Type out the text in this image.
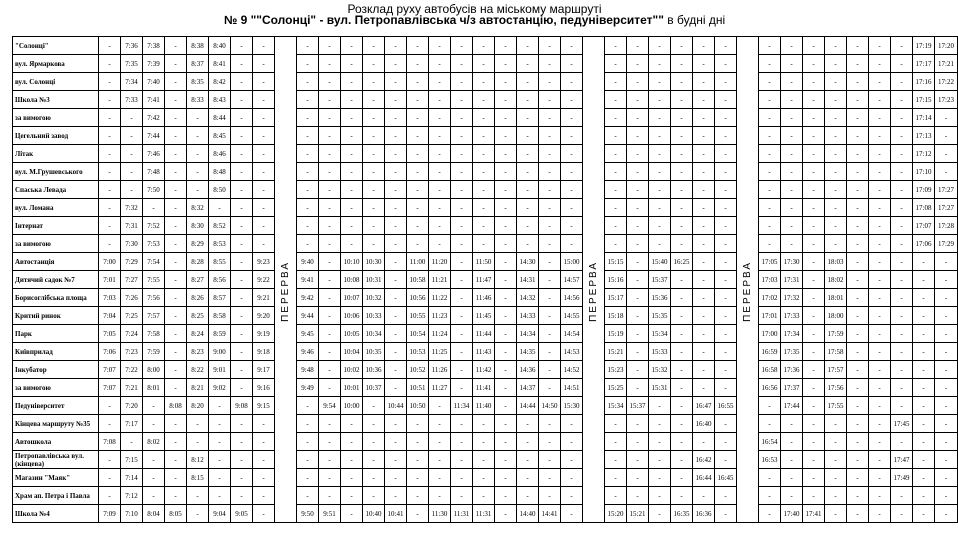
Розклад руху автобусів на міському маршруті
№ 9 ""Солонці" - вул. Петропавлівська ч/з автостанцію, педуніверситет"" в будні дні
"Солонці"	-	7:36	7:38	-	8:38	8:40	-	-	ПЕРЕРВА	-	-	-	-	-	-	-	-	-	-	-	-	-	ПЕРЕРВА	-	-	-	-	-	-	ПЕРЕРВА	-	-	-	-	-	-	-	17:19	17:20
вул. Ярмаркова	-	7:35	7:39	-	8:37	8:41	-	-		-	-	-	-	-	-	-	-	-	-	-	-	-		-	-	-	-	-	-		-	-	-	-	-	-	-	17:17	17:21
вул. Солонці	-	7:34	7:40	-	8:35	8:42	-	-		-	-	-	-	-	-	-	-	-	-	-	-	-		-	-	-	-	-	-		-	-	-	-	-	-	-	17:16	17:22
Школа №3	-	7:33	7:41	-	8:33	8:43	-	-		-	-	-	-	-	-	-	-	-	-	-	-	-		-	-	-	-	-	-		-	-	-	-	-	-	-	17:15	17:23
за вимогою	-	-	7:42	-	-	8:44	-	-		-	-	-	-	-	-	-	-	-	-	-	-	-		-	-	-	-	-	-		-	-	-	-	-	-	-	17:14	-
Цегельний завод	-	-	7:44	-	-	8:45	-	-		-	-	-	-	-	-	-	-	-	-	-	-	-		-	-	-	-	-	-		-	-	-	-	-	-	-	17:13	-
Літак	-	-	7:46	-	-	8:46	-	-		-	-	-	-	-	-	-	-	-	-	-	-	-		-	-	-	-	-	-		-	-	-	-	-	-	-	17:12	-
вул. М.Грушевського	-	-	7:48	-	-	8:48	-	-		-	-	-	-	-	-	-	-	-	-	-	-	-		-	-	-	-	-	-		-	-	-	-	-	-	-	17:10	-
Спаська Левада	-	-	7:50	-	-	8:50	-	-		-	-	-	-	-	-	-	-	-	-	-	-	-		-	-	-	-	-	-		-	-	-	-	-	-	-	17:09	17:27
вул. Ломана	-	7:32	-	-	8:32	-	-	-		-	-	-	-	-	-	-	-	-	-	-	-	-		-	-	-	-	-	-		-	-	-	-	-	-	-	17:08	17:27
Інтернат	-	7:31	7:52	-	8:30	8:52	-	-		-	-	-	-	-	-	-	-	-	-	-	-	-		-	-	-	-	-	-		-	-	-	-	-	-	-	17:07	17:28
за вимогою	-	7:30	7:53	-	8:29	8:53	-	-		-	-	-	-	-	-	-	-	-	-	-	-	-		-	-	-	-	-	-		-	-	-	-	-	-	-	17:06	17:29
Автостанція	7:00	7:29	7:54	-	8:28	8:55	-	9:23		9:40	-	10:10	10:30	-	11:00	11:20	-	11:50	-	14:30	-	15:00		15:15	-	15:40	16:25	-	-		17:05	17:30	-	18:03	-	-	-	-	-
Дитячий садок №7	7:01	7:27	7:55	-	8:27	8:56	-	9:22		9:41	-	10:08	10:31	-	10:58	11:21	-	11:47	-	14:31	-	14:57		15:16	-	15:37	-	-	-		17:03	17:31	-	18:02	-	-	-	-	-
Борисоглібська площа	7:03	7:26	7:56	-	8:26	8:57	-	9:21		9:42	-	10:07	10:32	-	10:56	11:22	-	11:46	-	14:32	-	14:56		15:17	-	15:36	-	-	-		17:02	17:32	-	18:01	-	-	-	-	-
Критий ринок	7:04	7:25	7:57	-	8:25	8:58	-	9:20		9:44	-	10:06	10:33	-	10:55	11:23	-	11:45	-	14:33	-	14:55		15:18	-	15:35	-	-	-		17:01	17:33	-	18:00	-	-	-	-	-
Парк	7:05	7:24	7:58	-	8:24	8:59	-	9:19		9:45	-	10:05	10:34	-	10:54	11:24	-	11:44	-	14:34	-	14:54		15:19	-	15:34	-	-	-		17:00	17:34	-	17:59	-	-	-	-	-
Київприлад	7:06	7:23	7:59	-	8:23	9:00	-	9:18		9:46	-	10:04	10:35	-	10:53	11:25	-	11:43	-	14:35	-	14:53		15:21	-	15:33	-	-	-		16:59	17:35	-	17:58	-	-	-	-	-
Інкубатор	7:07	7:22	8:00	-	8:22	9:01	-	9:17		9:48	-	10:02	10:36	-	10:52	11:26	-	11:42	-	14:36	-	14:52		15:23	-	15:32	-	-	-		16:58	17:36	-	17:57	-	-	-	-	-
за вимогою	7:07	7:21	8:01	-	8:21	9:02	-	9:16		9:49	-	10:01	10:37	-	10:51	11:27	-	11:41	-	14:37	-	14:51		15:25	-	15:31	-	-	-		16:56	17:37	-	17:56	-	-	-	-	-
Педуніверситет	-	7:20	-	8:08	8:20	-	9:08	9:15		-	9:54	10:00	-	10:44	10:50	-	11:34	11:40	-	14:44	14:50	15:30		15:34	15:37	-	-	16:47	16:55		-	17:44	-	17:55	-	-	-	-	-
Кінцева маршруту №35	-	7:17	-	-	-	-	-	-		-	-	-	-	-	-	-	-	-	-	-	-	-		-	-	-	-	16:40	-		-	-	-	-	-	-	17:45	-	-
Автошкола	7:08	-	8:02	-	-	-	-	-		-	-	-	-	-	-	-	-	-	-	-	-	-		-	-	-	-	-	-		16:54	-	-	-	-	-	-	-	-
Петропавлівська вул. (кінцева)	-	7:15	-	-	8:12	-	-	-		-	-	-	-	-	-	-	-	-	-	-	-	-		-	-	-	-	16:42	-		16:53	-	-	-	-	-	17:47	-	-
Магазин "Маяк"	-	7:14	-	-	8:15	-	-	-		-	-	-	-	-	-	-	-	-	-	-	-	-		-	-	-	-	16:44	16:45		-	-	-	-	-	-	17:49	-	-
Храм ап. Петра і Павла	-	7:12	-	-	-	-	-	-		-	-	-	-	-	-	-	-	-	-	-	-	-		-	-	-	-	-	-		-	-	-	-	-	-	-	-	-
Школа №4	7:09	7:10	8:04	8:05	-	9:04	9:05	-		9:50	9:51	-	10:40	10:41	-	11:30	11:31	11:31	-	14:40	14:41	-		15:20	15:21	-	16:35	16:36	-		-	17:40	17:41	-	-	-	-	-	-
